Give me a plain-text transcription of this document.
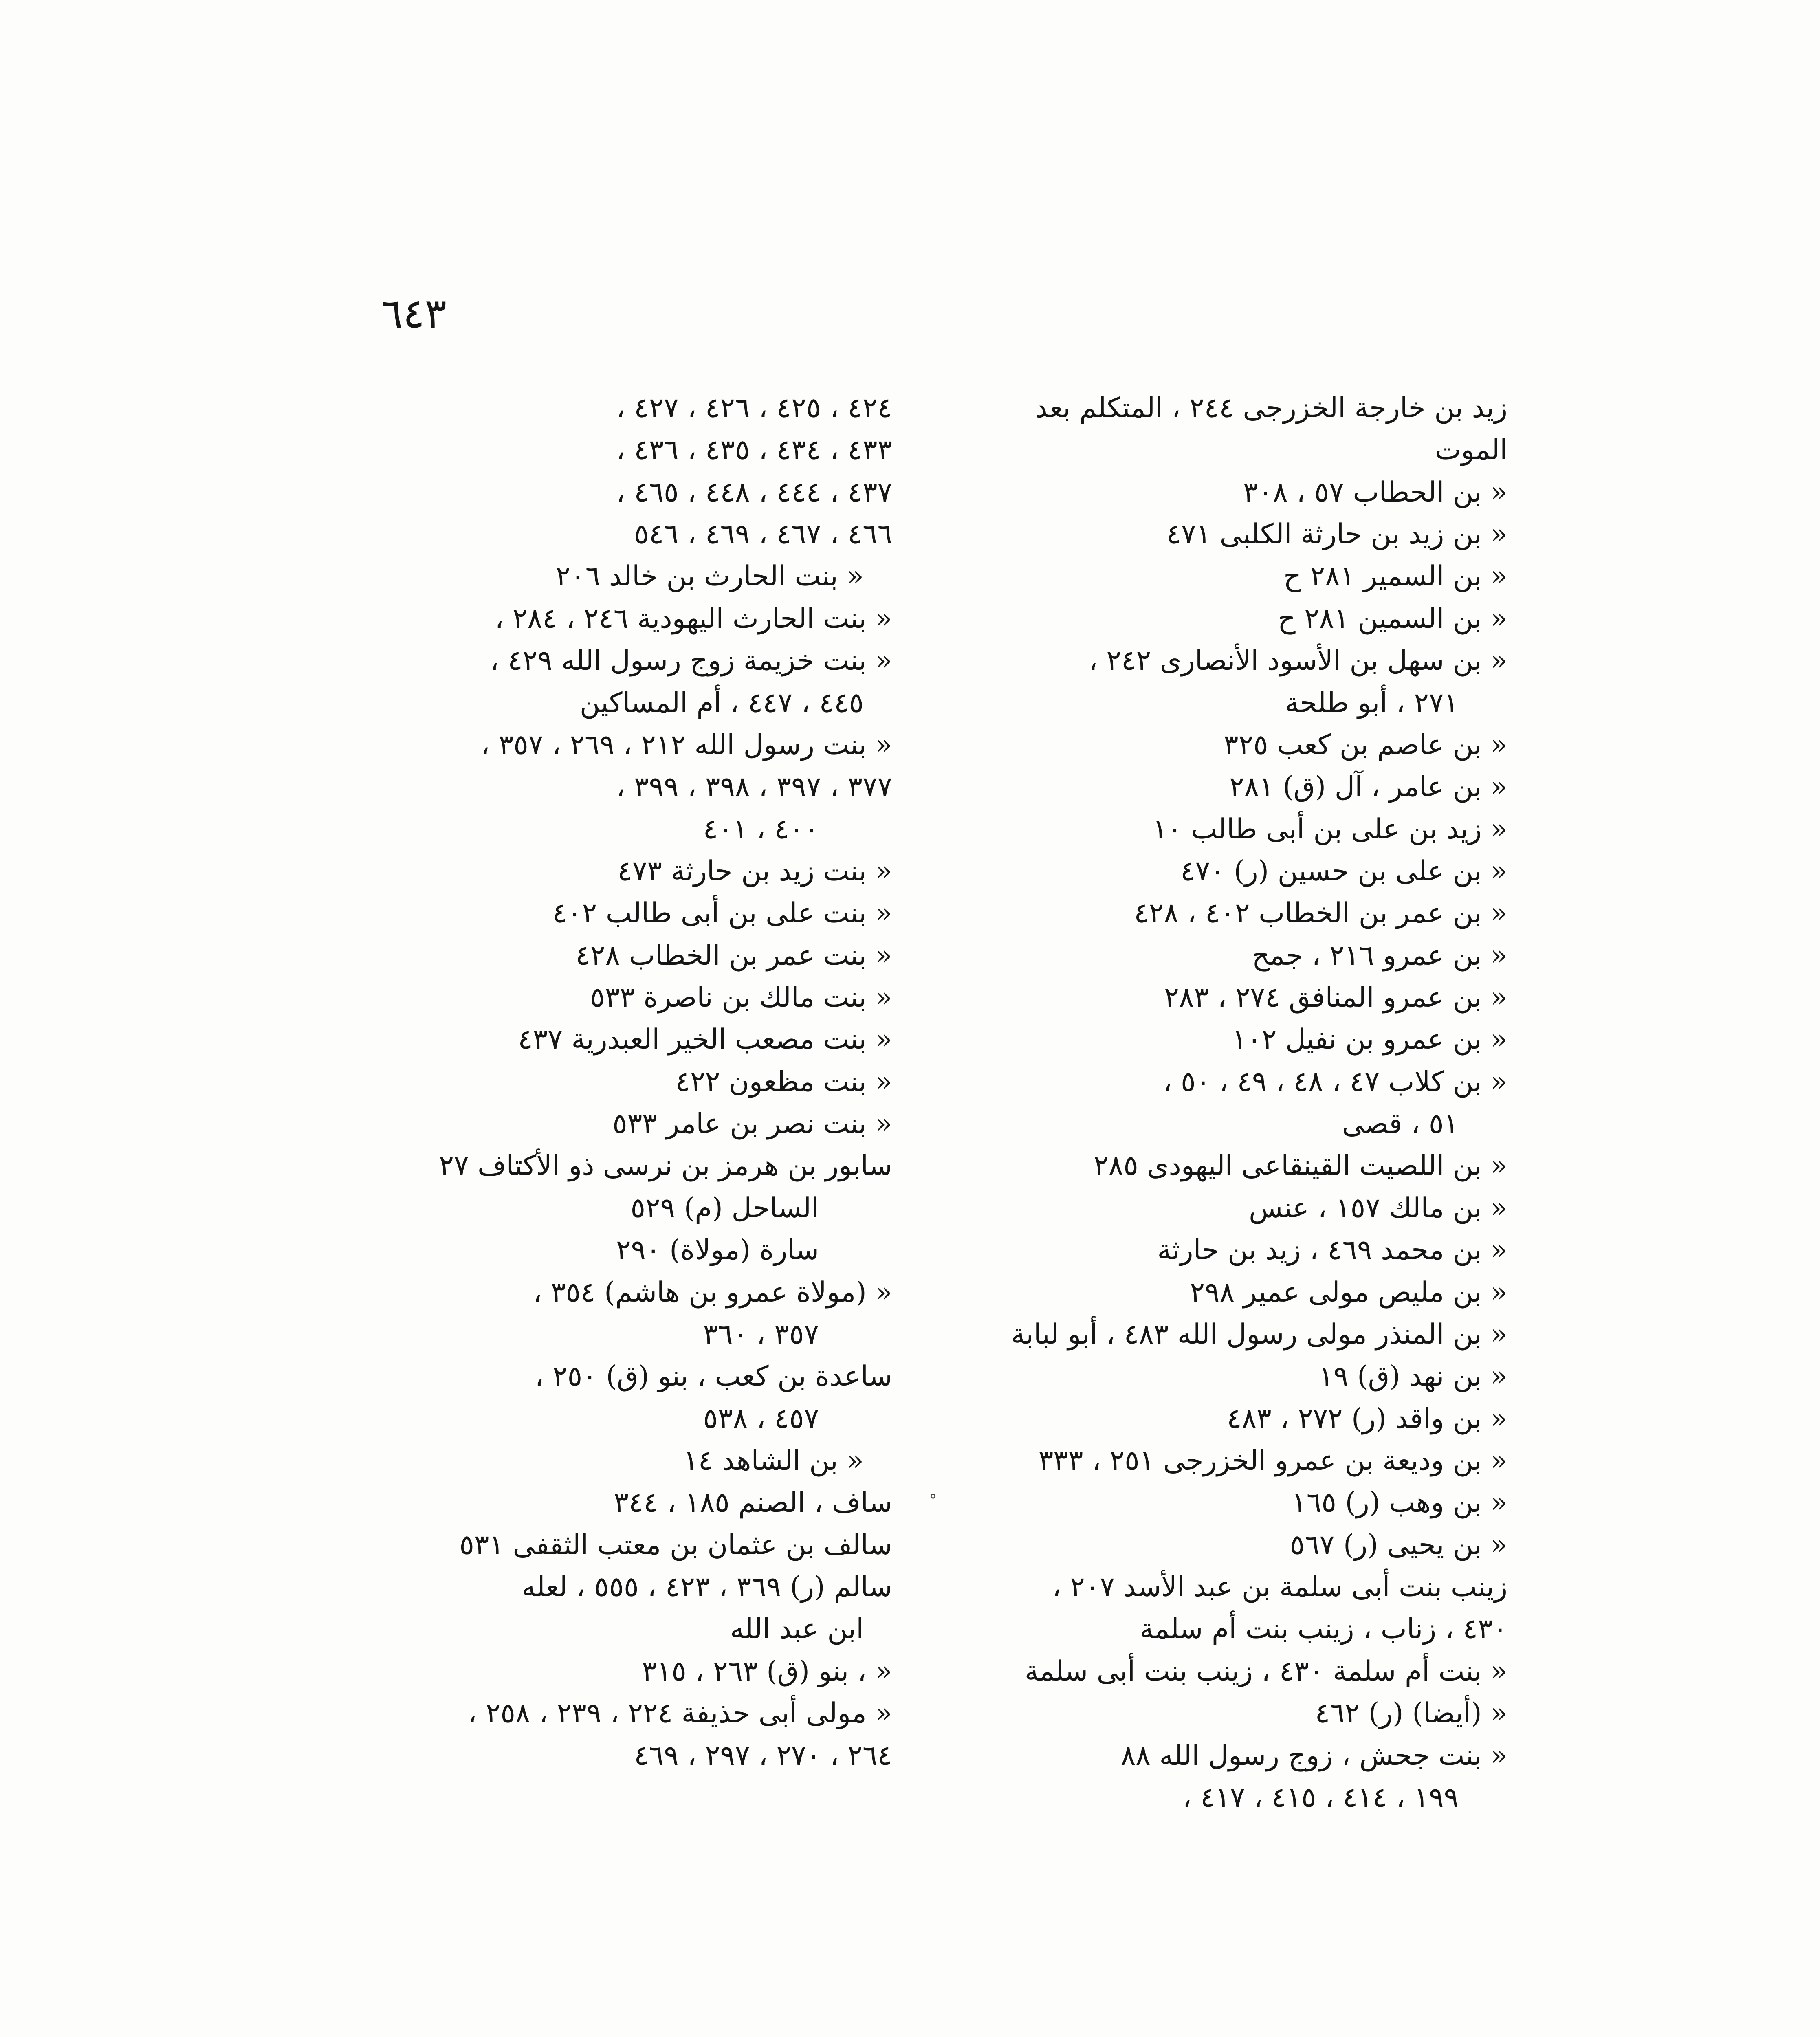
٦٤٣
زيد بن خارجة الخزرجى ٢٤٤ ، المتكلم بعد
الموت
« بن الحطاب ٥٧ ، ٣٠٨
« بن زيد بن حارثة الكلبى ٤٧١
« بن السمير ٢٨١ ح
« بن السمين ٢٨١ ح
« بن سهل بن الأسود الأنصارى ٢٤٢ ،
٢٧١ ، أبو طلحة
« بن عاصم بن كعب ٣٢٥
« بن عامر ، آل (ق) ٢٨١
« زيد بن على بن أبى طالب ١٠
« بن على بن حسين (ر) ٤٧٠
« بن عمر بن الخطاب ٤٠٢ ، ٤٢٨
« بن عمرو ٢١٦ ، جمح
« بن عمرو المنافق ٢٧٤ ، ٢٨٣
« بن عمرو بن نفيل ١٠٢
« بن كلاب ٤٧ ، ٤٨ ، ٤٩ ، ٥٠ ،
٥١ ، قصى
« بن اللصيت القينقاعى اليهودى ٢٨٥
« بن مالك ١٥٧ ، عنس
« بن محمد ٤٦٩ ، زيد بن حارثة
« بن مليص مولى عمير ٢٩٨
« بن المنذر مولى رسول الله ٤٨٣ ، أبو لبابة
« بن نهد (ق) ١٩
« بن واقد (ر) ٢٧٢ ، ٤٨٣
« بن وديعة بن عمرو الخزرجى ٢٥١ ، ٣٣٣
« بن وهب (ر) ١٦٥
« بن يحيى (ر) ٥٦٧
زينب بنت أبى سلمة بن عبد الأسد ٢٠٧ ،
٤٣٠ ، زناب ، زينب بنت أم سلمة
« بنت أم سلمة ٤٣٠ ، زينب بنت أبى سلمة
« (أيضا) (ر) ٤٦٢
« بنت جحش ، زوج رسول الله ٨٨
١٩٩ ، ٤١٤ ، ٤١٥ ، ٤١٧ ،
٤٢٤ ، ٤٢٥ ، ٤٢٦ ، ٤٢٧ ،
٤٣٣ ، ٤٣٤ ، ٤٣٥ ، ٤٣٦ ،
٤٣٧ ، ٤٤٤ ، ٤٤٨ ، ٤٦٥ ،
٤٦٦ ، ٤٦٧ ، ٤٦٩ ، ٥٤٦
« بنت الحارث بن خالد ٢٠٦
« بنت الحارث اليهودية ٢٤٦ ، ٢٨٤ ،
« بنت خزيمة زوج رسول الله ٤٢٩ ،
٤٤٥ ، ٤٤٧ ، أم المساكين
« بنت رسول الله ٢١٢ ، ٢٦٩ ، ٣٥٧ ،
٣٧٧ ، ٣٩٧ ، ٣٩٨ ، ٣٩٩ ،
٤٠٠ ، ٤٠١
« بنت زيد بن حارثة ٤٧٣
« بنت على بن أبى طالب ٤٠٢
« بنت عمر بن الخطاب ٤٢٨
« بنت مالك بن ناصرة ٥٣٣
« بنت مصعب الخير العبدرية ٤٣٧
« بنت مظعون ٤٢٢
« بنت نصر بن عامر ٥٣٣
سابور بن هرمز بن نرسى ذو الأكتاف ٢٧
الساحل (م) ٥٢٩
سارة (مولاة) ٢٩٠
« (مولاة عمرو بن هاشم) ٣٥٤ ،
٣٥٧ ، ٣٦٠
ساعدة بن كعب ، بنو (ق) ٢٥٠ ،
٤٥٧ ، ٥٣٨
« بن الشاهد ١٤
ساف ، الصنم ١٨٥ ، ٣٤٤
سالف بن عثمان بن معتب الثقفى ٥٣١
سالم (ر) ٣٦٩ ، ٤٢٣ ، ٥٥٥ ، لعله
ابن عبد الله
« ، بنو (ق) ٢٦٣ ، ٣١٥
« مولى أبى حذيفة ٢٢٤ ، ٢٣٩ ، ٢٥٨ ،
٢٦٤ ، ٢٧٠ ، ٢٩٧ ، ٤٦٩
°
